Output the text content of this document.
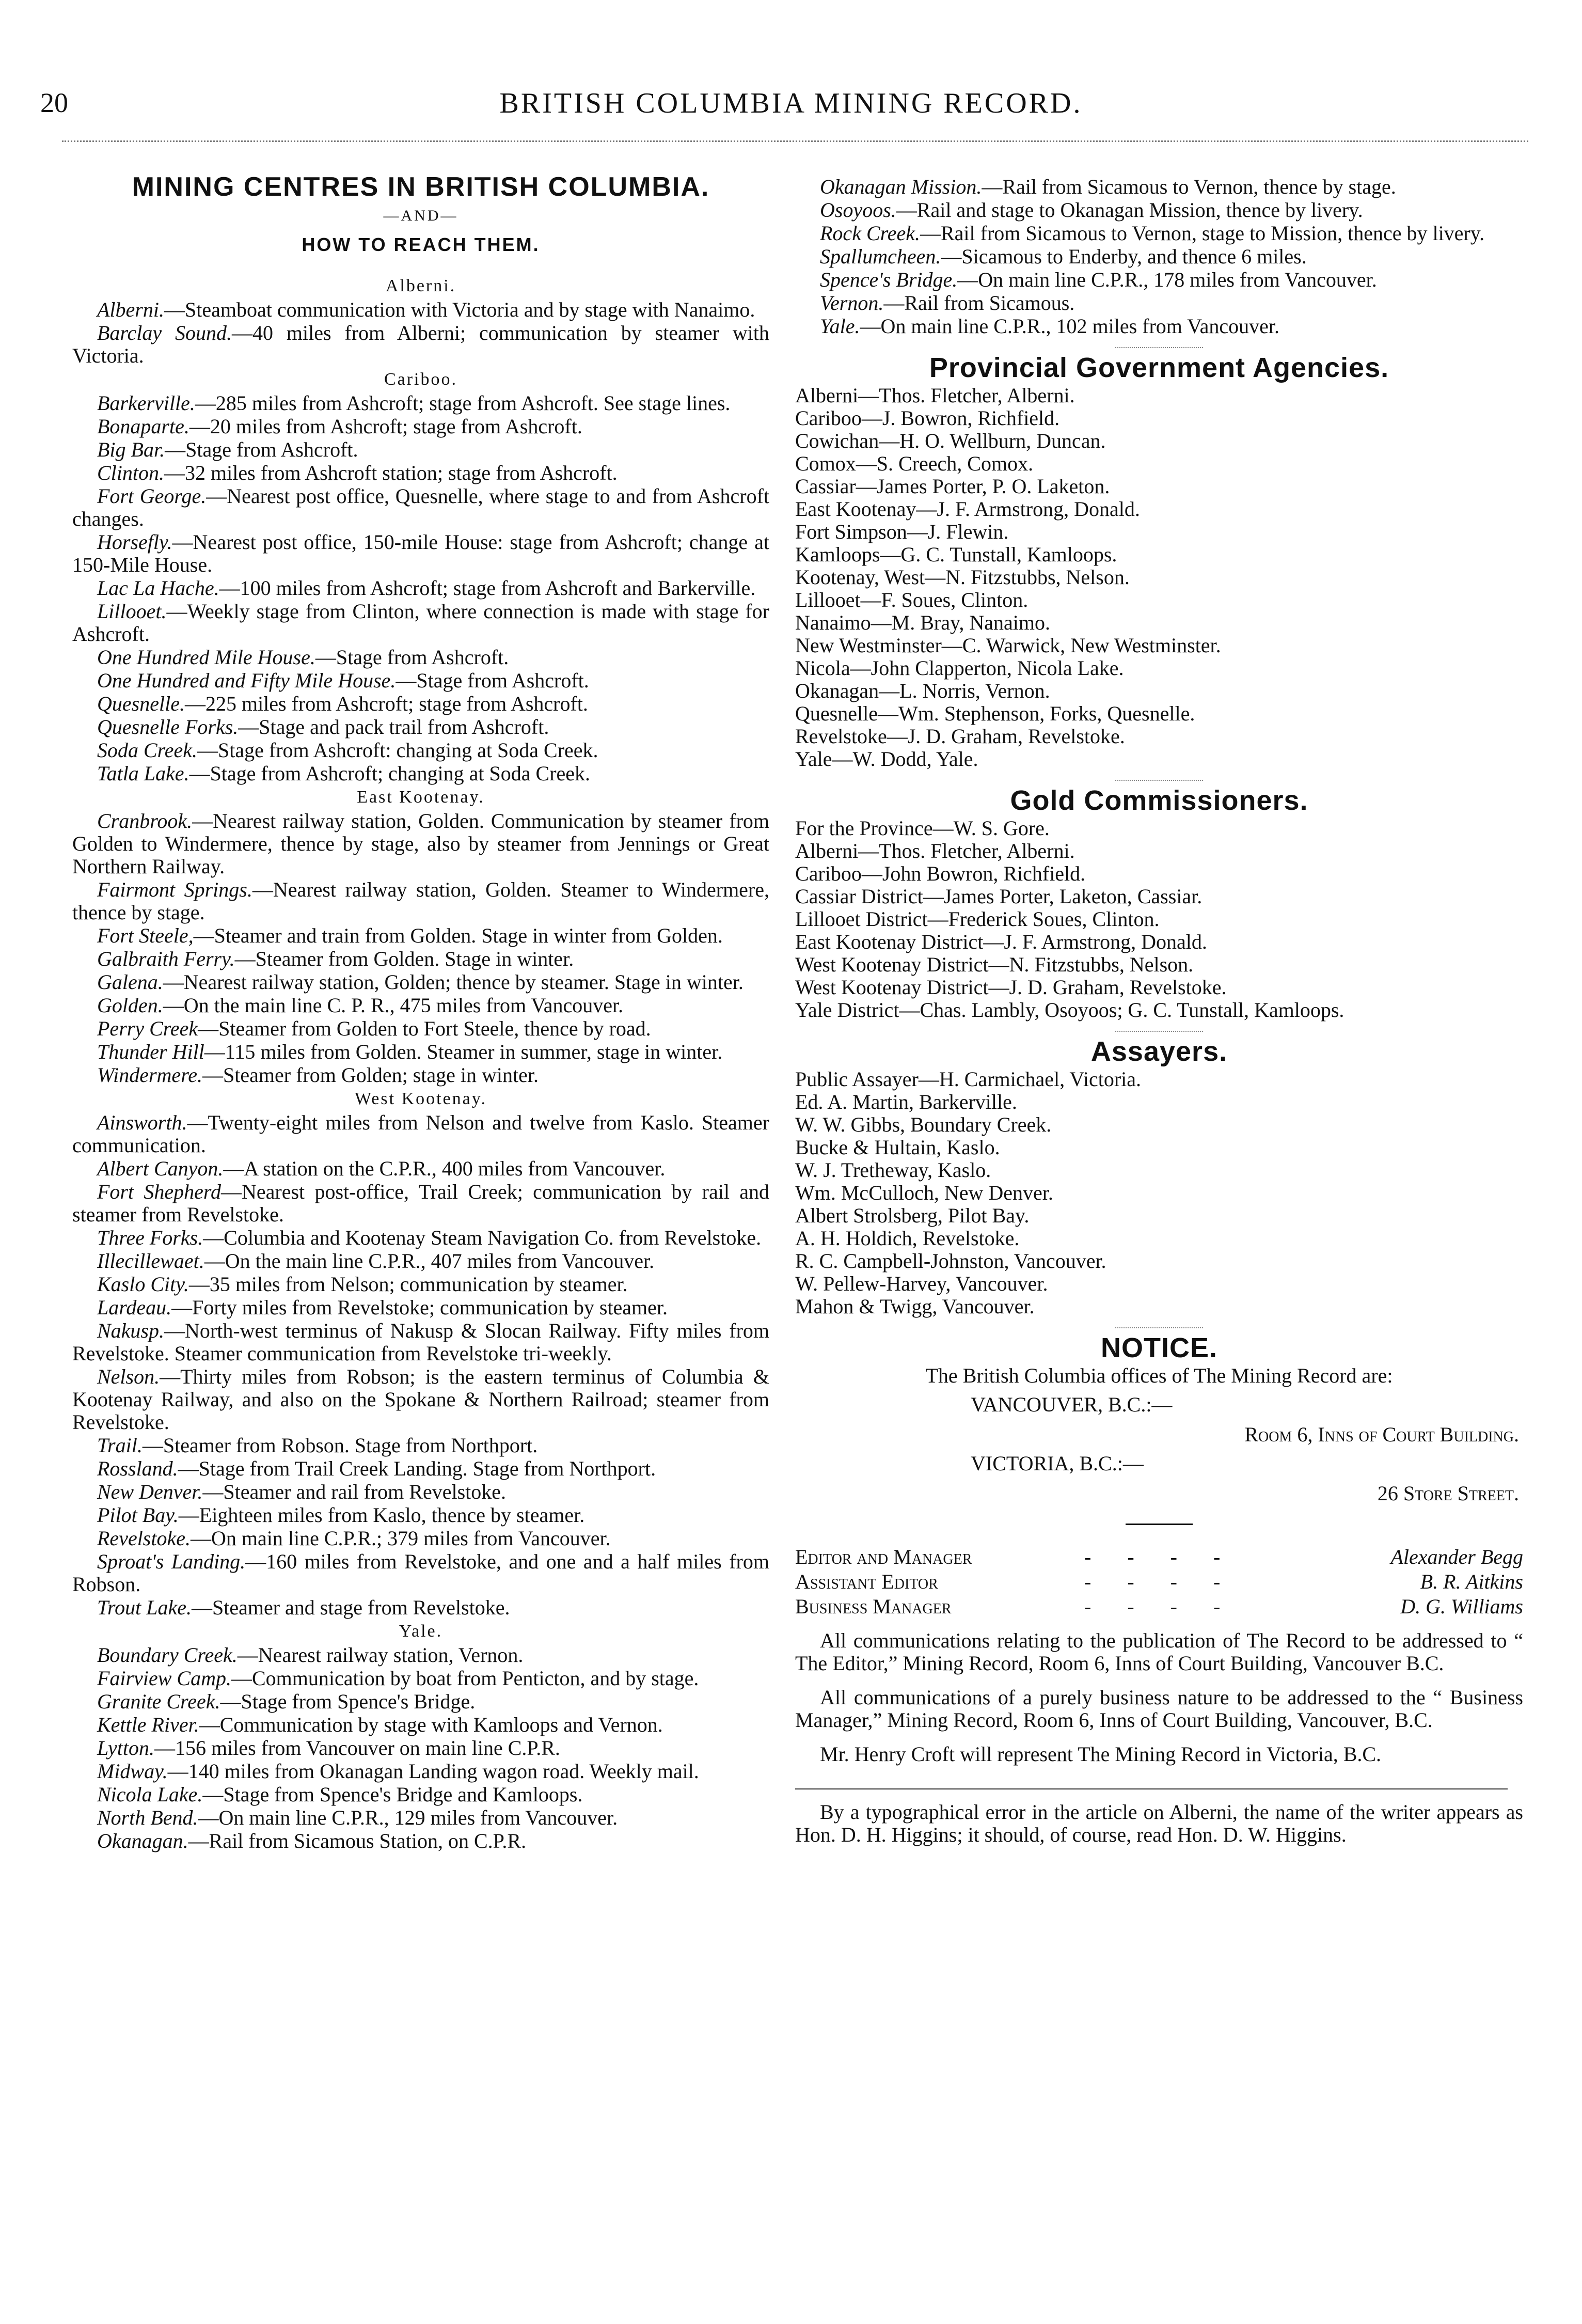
20	BRITISH COLUMBIA MINING RECORD.
MINING CENTRES IN BRITISH COLUMBIA.
—AND—
HOW TO REACH THEM.
Alberni.

Alberni.—Steamboat communication with Victoria and by stage with Nanaimo.

Barclay Sound.—40 miles from Alberni; communication by steamer with Victoria.

Cariboo.

Barkerville.—285 miles from Ashcroft; stage from Ashcroft. See stage lines.

Bonaparte.—20 miles from Ashcroft; stage from Ashcroft.

Big Bar.—Stage from Ashcroft.

Clinton.—32 miles from Ashcroft station; stage from Ashcroft.

Fort George.—Nearest post office, Quesnelle, where stage to and from Ashcroft changes.

Horsefly.—Nearest post office, 150-mile House: stage from Ashcroft; change at 150-Mile House.

Lac La Hache.—100 miles from Ashcroft; stage from Ashcroft and Barkerville.

Lillooet.—Weekly stage from Clinton, where connection is made with stage for Ashcroft.

One Hundred Mile House.—Stage from Ashcroft.

One Hundred and Fifty Mile House.—Stage from Ashcroft.

Quesnelle.—225 miles from Ashcroft; stage from Ashcroft.

Quesnelle Forks.—Stage and pack trail from Ashcroft.

Soda Creek.—Stage from Ashcroft: changing at Soda Creek.

Tatla Lake.—Stage from Ashcroft; changing at Soda Creek.

East Kootenay.

Cranbrook.—Nearest railway station, Golden. Communication by steamer from Golden to Windermere, thence by stage, also by steamer from Jennings or Great Northern Railway.

Fairmont Springs.—Nearest railway station, Golden. Steamer to Windermere, thence by stage.

Fort Steele,—Steamer and train from Golden. Stage in winter from Golden.

Galbraith Ferry.—Steamer from Golden. Stage in winter.

Galena.—Nearest railway station, Golden; thence by steamer. Stage in winter.

Golden.—On the main line C. P. R., 475 miles from Vancouver.

Perry Creek—Steamer from Golden to Fort Steele, thence by road.

Thunder Hill—115 miles from Golden. Steamer in summer, stage in winter.

Windermere.—Steamer from Golden; stage in winter.

West Kootenay.

Ainsworth.—Twenty-eight miles from Nelson and twelve from Kaslo. Steamer communication.

Albert Canyon.—A station on the C.P.R., 400 miles from Vancouver.

Fort Shepherd—Nearest post-office, Trail Creek; communication by rail and steamer from Revelstoke.

Three Forks.—Columbia and Kootenay Steam Navigation Co. from Revelstoke.

Illecillewaet.—On the main line C.P.R., 407 miles from Vancouver.

Kaslo City.—35 miles from Nelson; communication by steamer.

Lardeau.—Forty miles from Revelstoke; communication by steamer.

Nakusp.—North-west terminus of Nakusp & Slocan Railway. Fifty miles from Revelstoke. Steamer communication from Revelstoke tri-weekly.

Nelson.—Thirty miles from Robson; is the eastern terminus of Columbia & Kootenay Railway, and also on the Spokane & Northern Railroad; steamer from Revelstoke.

Trail.—Steamer from Robson. Stage from Northport.

Rossland.—Stage from Trail Creek Landing. Stage from Northport.

New Denver.—Steamer and rail from Revelstoke.

Pilot Bay.—Eighteen miles from Kaslo, thence by steamer.

Revelstoke.—On main line C.P.R.; 379 miles from Vancouver.

Sproat's Landing.—160 miles from Revelstoke, and one and a half miles from Robson.

Trout Lake.—Steamer and stage from Revelstoke.

Yale.

Boundary Creek.—Nearest railway station, Vernon.

Fairview Camp.—Communication by boat from Penticton, and by stage.

Granite Creek.—Stage from Spence's Bridge.

Kettle River.—Communication by stage with Kamloops and Vernon.

Lytton.—156 miles from Vancouver on main line C.P.R.

Midway.—140 miles from Okanagan Landing wagon road. Weekly mail.

Nicola Lake.—Stage from Spence's Bridge and Kamloops.

North Bend.—On main line C.P.R., 129 miles from Vancouver.

Okanagan.—Rail from Sicamous Station, on C.P.R.

Okanagan Mission.—Rail from Sicamous to Vernon, thence by stage.

Osoyoos.—Rail and stage to Okanagan Mission, thence by livery.

Rock Creek.—Rail from Sicamous to Vernon, stage to Mission, thence by livery.

Spallumcheen.—Sicamous to Enderby, and thence 6 miles.

Spence's Bridge.—On main line C.P.R., 178 miles from Vancouver.

Vernon.—Rail from Sicamous.

Yale.—On main line C.P.R., 102 miles from Vancouver.

Provincial Government Agencies.
Alberni—Thos. Fletcher, Alberni.
Cariboo—J. Bowron, Richfield.
Cowichan—H. O. Wellburn, Duncan.
Comox—S. Creech, Comox.
Cassiar—James Porter, P. O. Laketon.
East Kootenay—J. F. Armstrong, Donald.
Fort Simpson—J. Flewin.
Kamloops—G. C. Tunstall, Kamloops.
Kootenay, West—N. Fitzstubbs, Nelson.
Lillooet—F. Soues, Clinton.
Nanaimo—M. Bray, Nanaimo.
New Westminster—C. Warwick, New Westminster.
Nicola—John Clapperton, Nicola Lake.
Okanagan—L. Norris, Vernon.
Quesnelle—Wm. Stephenson, Forks, Quesnelle.
Revelstoke—J. D. Graham, Revelstoke.
Yale—W. Dodd, Yale.
Gold Commissioners.
For the Province—W. S. Gore.
Alberni—Thos. Fletcher, Alberni.
Cariboo—John Bowron, Richfield.
Cassiar District—James Porter, Laketon, Cassiar.
Lillooet District—Frederick Soues, Clinton.
East Kootenay District—J. F. Armstrong, Donald.
West Kootenay District—N. Fitzstubbs, Nelson.
West Kootenay District—J. D. Graham, Revelstoke.
Yale District—Chas. Lambly, Osoyoos; G. C. Tunstall, Kamloops.
Assayers.
Public Assayer—H. Carmichael, Victoria.
Ed. A. Martin, Barkerville.
W. W. Gibbs, Boundary Creek.
Bucke & Hultain, Kaslo.
W. J. Tretheway, Kaslo.
Wm. McCulloch, New Denver.
Albert Strolsberg, Pilot Bay.
A. H. Holdich, Revelstoke.
R. C. Campbell-Johnston, Vancouver.
W. Pellew-Harvey, Vancouver.
Mahon & Twigg, Vancouver.
NOTICE.
The British Columbia offices of The Mining Record are:
VANCOUVER, B.C.:—
Room 6, Inns of Court Building.
VICTORIA, B.C.:—
26 Store Street.
Editor and Manager	- - - -	Alexander Begg
Assistant Editor	- - - -	B. R. Aitkins
Business Manager	- - - -	D. G. Williams

All communications relating to the publication of The Record to be addressed to “ The Editor,” Mining Record, Room 6, Inns of Court Building, Vancouver B.C.

All communications of a purely business nature to be addressed to the “ Business Manager,” Mining Record, Room 6, Inns of Court Building, Vancouver, B.C.

Mr. Henry Croft will represent The Mining Record in Victoria, B.C.

By a typographical error in the article on Alberni, the name of the writer appears as Hon. D. H. Higgins; it should, of course, read Hon. D. W. Higgins.
